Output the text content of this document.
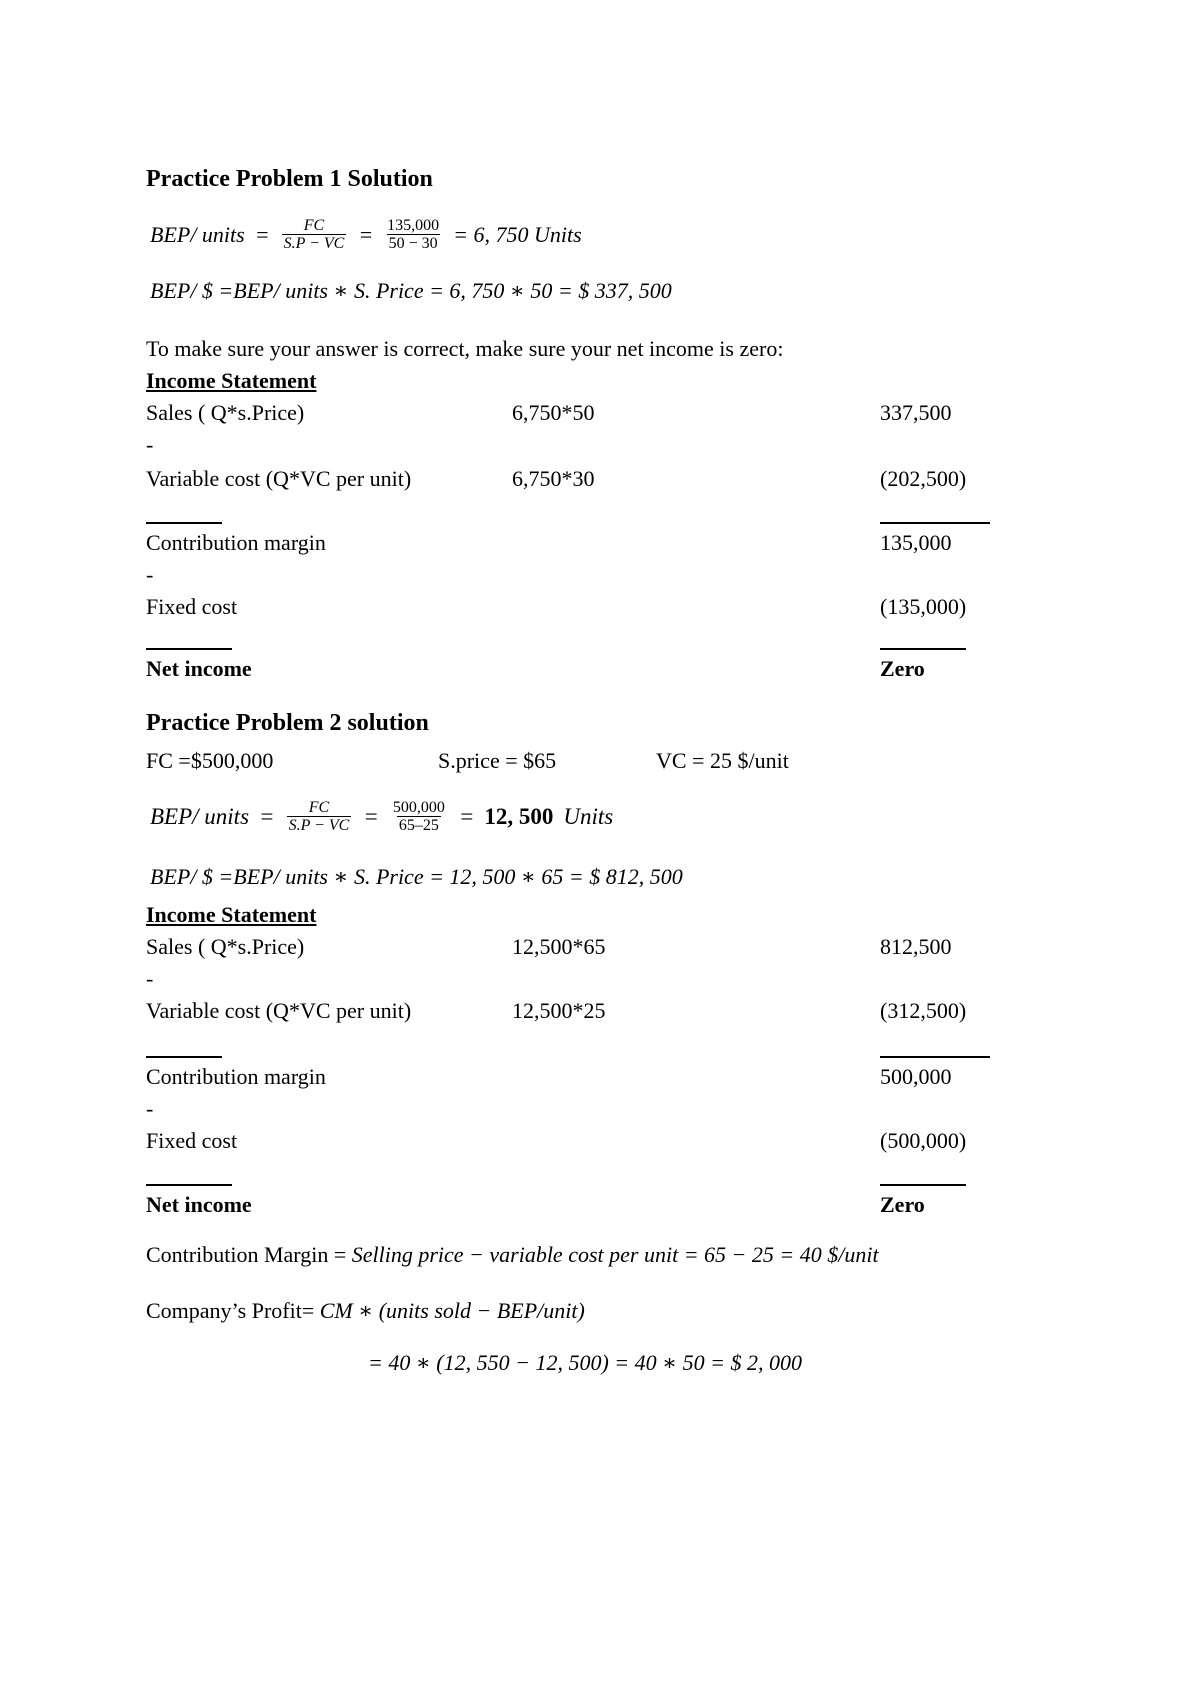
Practice Problem 1 Solution
BEP/ units = $\frac{FC}{S.P - VC} = \frac{135,000}{50 - 30} = 6$, 750 Units
BEP/ $ =BEP/ units ∗ S. Price = 6, 750 ∗ 50 = $ 337, 500
To make sure your answer is correct, make sure your net income is zero:
Income Statement
Sales ( Q*s.Price)	6,750*50	337,500
-
Variable cost (Q*VC per unit)	6,750*30	(202,500)
Contribution margin	135,000
-
Fixed cost	(135,000)
Net income	Zero
Practice Problem 2 solution
FC =$500,000	S.price = $65	VC = 25 $/unit
BEP/ units = $\frac{FC}{S.P - VC} = \frac{500,000}{65-25} = 12$, 500 Units
BEP/ $ =BEP/ units ∗ S. Price = 12, 500 ∗ 65 = $ 812, 500
Income Statement
Sales ( Q*s.Price)	12,500*65	812,500
-
Variable cost (Q*VC per unit)	12,500*25	(312,500)
Contribution margin	500,000
-
Fixed cost	(500,000)
Net income	Zero
Contribution Margin = Selling price − variable cost per unit = 65 − 25 = 40 $/unit
Company’s Profit= CM ∗ (units sold − BEP/unit)
= 40 ∗ (12, 550 − 12, 500) = 40 ∗ 50 = $ 2, 000
